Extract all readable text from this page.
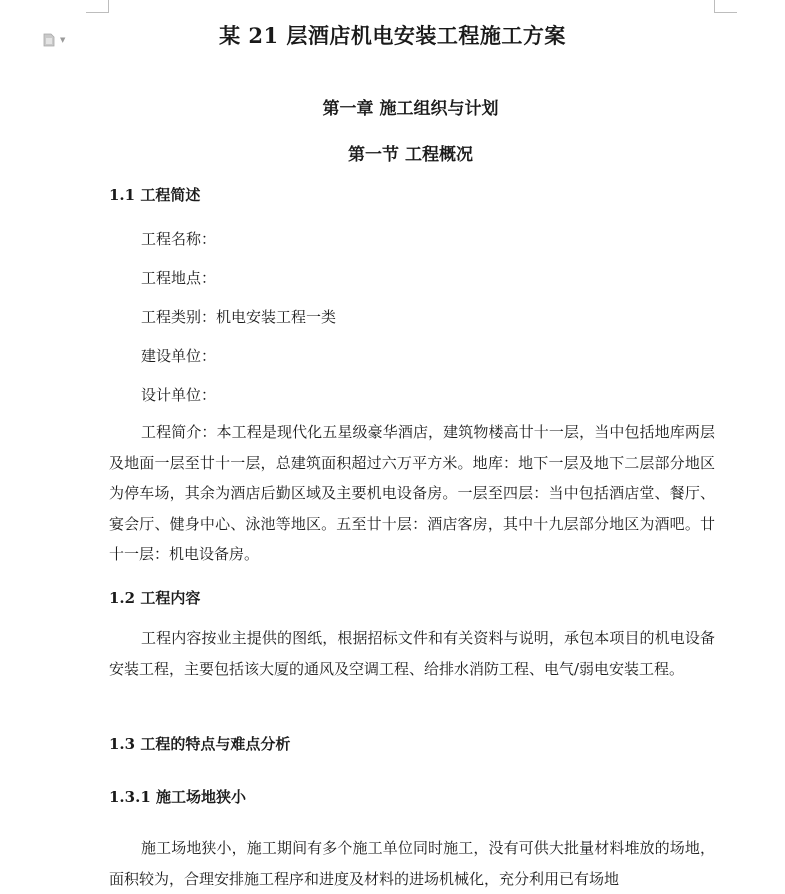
▼	某 21 层酒店机电安装工程施工方案
第一章 施工组织与计划
第一节 工程概况
1.1 工程简述
工程名称：
工程地点：
工程类别：机电安装工程一类
建设单位：
设计单位：

工程简介：本工程是现代化五星级豪华酒店，建筑物楼高廿十一层，当中包括地库两层及地面一层至廿十一层，总建筑面积超过六万平方米。地库：地下一层及地下二层部分地区为停车场，其余为酒店后勤区域及主要机电设备房。一层至四层：当中包括酒店堂、餐厅、宴会厅、健身中心、泳池等地区。五至廿十层：酒店客房，其中十九层部分地区为酒吧。廿十一层：机电设备房。

1.2 工程内容

工程内容按业主提供的图纸，根据招标文件和有关资料与说明，承包本项目的机电设备安装工程，主要包括该大厦的通风及空调工程、给排水消防工程、电气/弱电安装工程。

1.3 工程的特点与难点分析
1.3.1 施工场地狭小

施工场地狭小，施工期间有多个施工单位同时施工，没有可供大批量材料堆放的场地，面积较为，合理安排施工程序和进度及材料的进场机械化，充分利用已有场地
